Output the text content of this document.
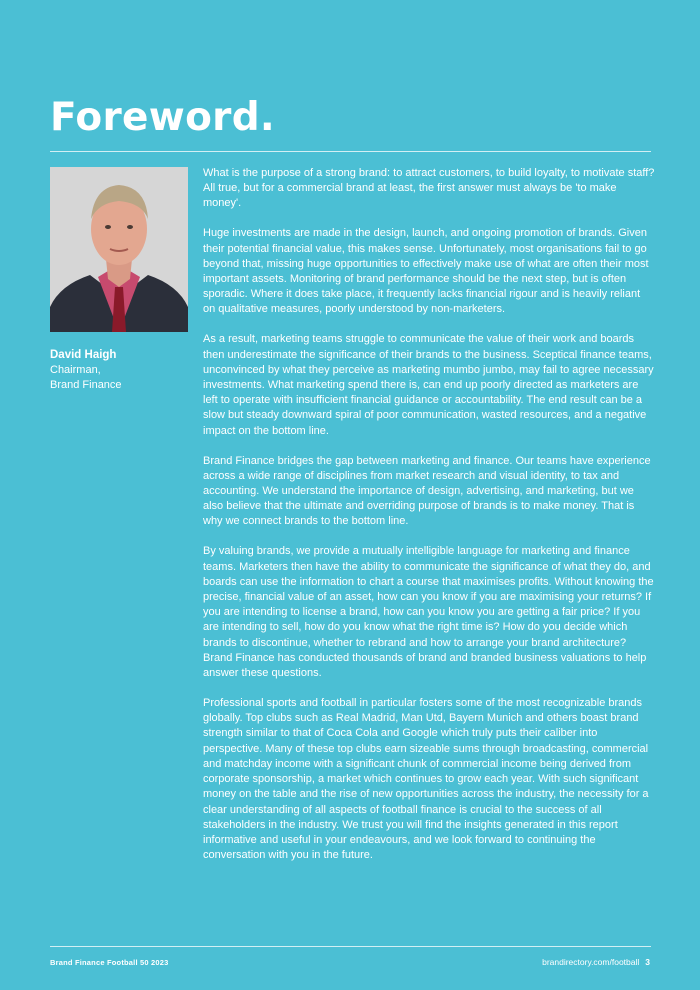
Foreword.
David Haigh
Chairman,
Brand Finance

What is the purpose of a strong brand: to attract customers, to build loyalty, to motivate staff? All true, but for a commercial brand at least, the first answer must always be 'to make money'.

Huge investments are made in the design, launch, and ongoing promotion of brands. Given their potential financial value, this makes sense. Unfortunately, most organisations fail to go beyond that, missing huge opportunities to effectively make use of what are often their most important assets. Monitoring of brand performance should be the next step, but is often sporadic. Where it does take place, it frequently lacks financial rigour and is heavily reliant on qualitative measures, poorly understood by non-marketers.

As a result, marketing teams struggle to communicate the value of their work and boards then underestimate the significance of their brands to the business. Sceptical finance teams, unconvinced by what they perceive as marketing mumbo jumbo, may fail to agree necessary investments. What marketing spend there is, can end up poorly directed as marketers are left to operate with insufficient financial guidance or accountability. The end result can be a slow but steady downward spiral of poor communication, wasted resources, and a negative impact on the bottom line.

Brand Finance bridges the gap between marketing and finance. Our teams have experience across a wide range of disciplines from market research and visual identity, to tax and accounting. We understand the importance of design, advertising, and marketing, but we also believe that the ultimate and overriding purpose of brands is to make money. That is why we connect brands to the bottom line.

By valuing brands, we provide a mutually intelligible language for marketing and finance teams. Marketers then have the ability to communicate the significance of what they do, and boards can use the information to chart a course that maximises profits. Without knowing the precise, financial value of an asset, how can you know if you are maximising your returns? If you are intending to license a brand, how can you know you are getting a fair price? If you are intending to sell, how do you know what the right time is? How do you decide which brands to discontinue, whether to rebrand and how to arrange your brand architecture? Brand Finance has conducted thousands of brand and branded business valuations to help answer these questions.

Professional sports and football in particular fosters some of the most recognizable brands globally. Top clubs such as Real Madrid, Man Utd, Bayern Munich and others boast brand strength similar to that of Coca Cola and Google which truly puts their caliber into perspective. Many of these top clubs earn sizeable sums through broadcasting, commercial and matchday income with a significant chunk of commercial income being derived from corporate sponsorship, a market which continues to grow each year. With such significant money on the table and the rise of new opportunities across the industry, the necessity for a clear understanding of all aspects of football finance is crucial to the success of all stakeholders in the industry. We trust you will find the insights generated in this report informative and useful in your endeavours, and we look forward to continuing the conversation with you in the future.

Brand Finance Football 50 2023	brandirectory.com/football 3
